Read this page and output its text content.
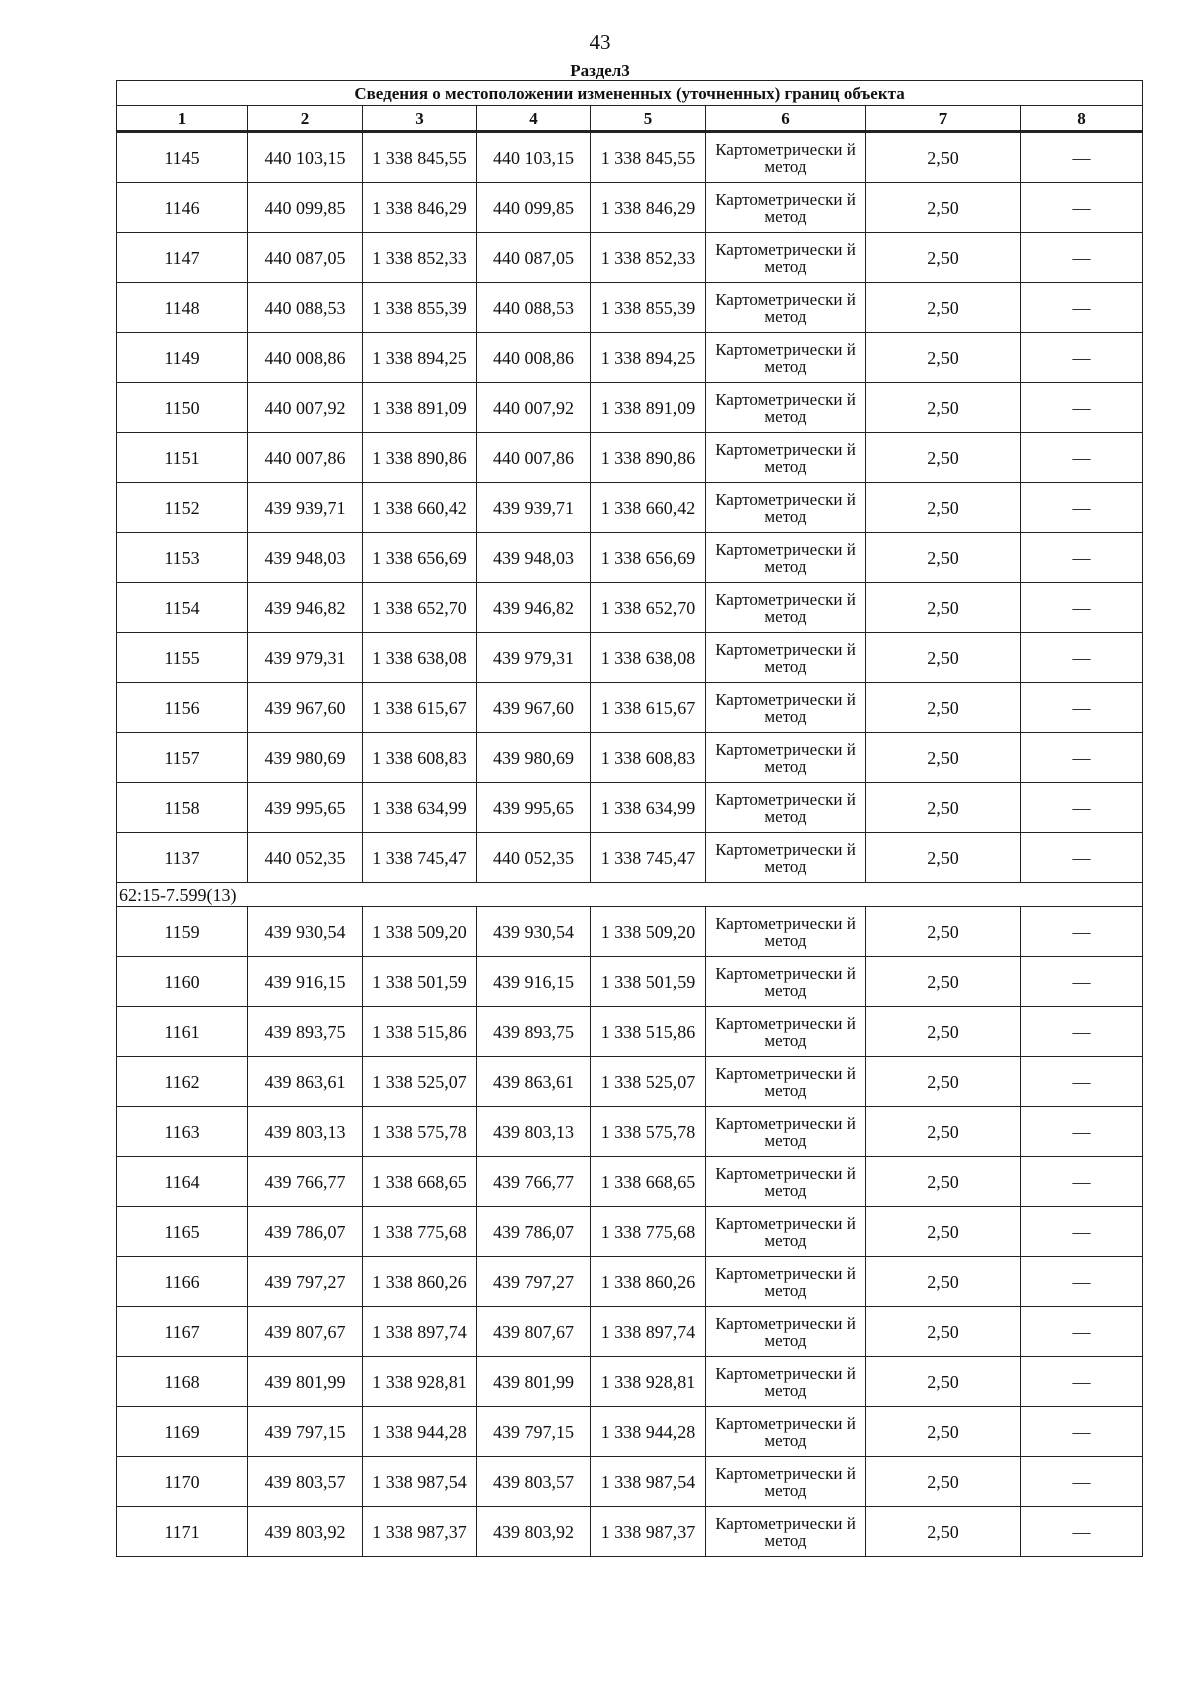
43
Раздел3
Сведения о местоположении измененных (уточненных) границ объекта							
1	2	3	4	5	6	7	8
1145	440 103,15	1 338 845,55	440 103,15	1 338 845,55	Картометрически й метод	2,50	—
1146	440 099,85	1 338 846,29	440 099,85	1 338 846,29	Картометрически й метод	2,50	—
1147	440 087,05	1 338 852,33	440 087,05	1 338 852,33	Картометрически й метод	2,50	—
1148	440 088,53	1 338 855,39	440 088,53	1 338 855,39	Картометрически й метод	2,50	—
1149	440 008,86	1 338 894,25	440 008,86	1 338 894,25	Картометрически й метод	2,50	—
1150	440 007,92	1 338 891,09	440 007,92	1 338 891,09	Картометрически й метод	2,50	—
1151	440 007,86	1 338 890,86	440 007,86	1 338 890,86	Картометрически й метод	2,50	—
1152	439 939,71	1 338 660,42	439 939,71	1 338 660,42	Картометрически й метод	2,50	—
1153	439 948,03	1 338 656,69	439 948,03	1 338 656,69	Картометрически й метод	2,50	—
1154	439 946,82	1 338 652,70	439 946,82	1 338 652,70	Картометрически й метод	2,50	—
1155	439 979,31	1 338 638,08	439 979,31	1 338 638,08	Картометрически й метод	2,50	—
1156	439 967,60	1 338 615,67	439 967,60	1 338 615,67	Картометрически й метод	2,50	—
1157	439 980,69	1 338 608,83	439 980,69	1 338 608,83	Картометрически й метод	2,50	—
1158	439 995,65	1 338 634,99	439 995,65	1 338 634,99	Картометрически й метод	2,50	—
1137	440 052,35	1 338 745,47	440 052,35	1 338 745,47	Картометрически й метод	2,50	—
62:15-7.599(13)							
1159	439 930,54	1 338 509,20	439 930,54	1 338 509,20	Картометрически й метод	2,50	—
1160	439 916,15	1 338 501,59	439 916,15	1 338 501,59	Картометрически й метод	2,50	—
1161	439 893,75	1 338 515,86	439 893,75	1 338 515,86	Картометрически й метод	2,50	—
1162	439 863,61	1 338 525,07	439 863,61	1 338 525,07	Картометрически й метод	2,50	—
1163	439 803,13	1 338 575,78	439 803,13	1 338 575,78	Картометрически й метод	2,50	—
1164	439 766,77	1 338 668,65	439 766,77	1 338 668,65	Картометрически й метод	2,50	—
1165	439 786,07	1 338 775,68	439 786,07	1 338 775,68	Картометрически й метод	2,50	—
1166	439 797,27	1 338 860,26	439 797,27	1 338 860,26	Картометрически й метод	2,50	—
1167	439 807,67	1 338 897,74	439 807,67	1 338 897,74	Картометрически й метод	2,50	—
1168	439 801,99	1 338 928,81	439 801,99	1 338 928,81	Картометрически й метод	2,50	—
1169	439 797,15	1 338 944,28	439 797,15	1 338 944,28	Картометрически й метод	2,50	—
1170	439 803,57	1 338 987,54	439 803,57	1 338 987,54	Картометрически й метод	2,50	—
1171	439 803,92	1 338 987,37	439 803,92	1 338 987,37	Картометрически й метод	2,50	—
